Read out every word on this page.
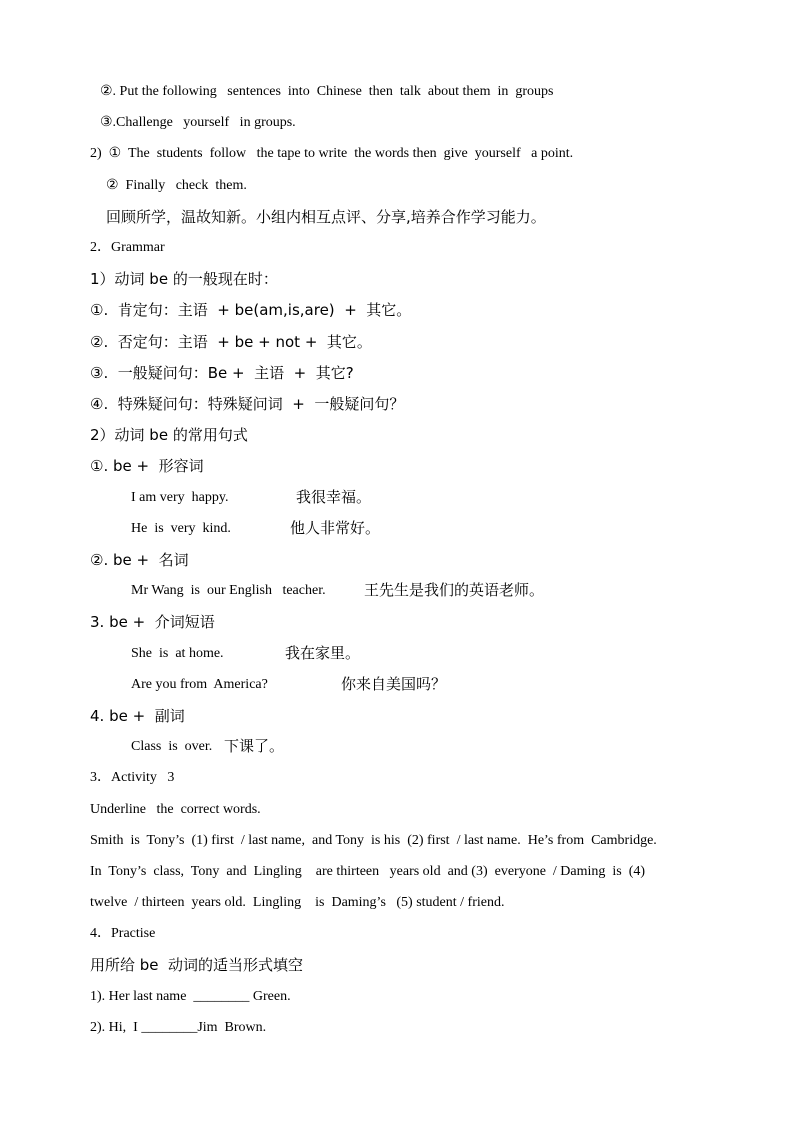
②. Put the following   sentences  into  Chinese  then  talk  about them  in  groups
③.Challenge   yourself   in groups.
2)  ①  The  students  follow   the tape to write  the words then  give  yourself   a point.
②  Finally   check  them.
回顾所学，温故知新。小组内相互点评、分享,培养合作学习能力。
2．Grammar
1）动词 be 的一般现在时：
①.  肯定句：主语  + be(am,is,are)  +  其它。
②.  否定句：主语  + be + not +  其它。
③.  一般疑问句：Be +  主语  +  其它?
④.  特殊疑问句：特殊疑问词  +  一般疑问句？
2）动词 be 的常用句式
①. be +  形容词
I am very  happy.	我很幸福。
He  is  very  kind.	他人非常好。
②. be +  名词
Mr Wang  is  our English   teacher.	王先生是我们的英语老师。
3. be +  介词短语
She  is  at home.	我在家里。
Are you from  America?	你来自美国吗？
4. be +  副词
Class  is  over. 下课了。
3．Activity   3
Underline   the  correct words.
Smith  is  Tony’s  (1) first  / last name,  and Tony  is his  (2) first  / last name.  He’s from  Cambridge.
In  Tony’s  class,  Tony  and  Lingling    are thirteen   years old  and (3)  everyone  / Daming  is  (4)
twelve  / thirteen  years old.  Lingling    is  Daming’s   (5) student / friend.
4．Practise
用所给 be  动词的适当形式填空
1). Her last name  ________ Green.
2). Hi,  I ________Jim  Brown.
